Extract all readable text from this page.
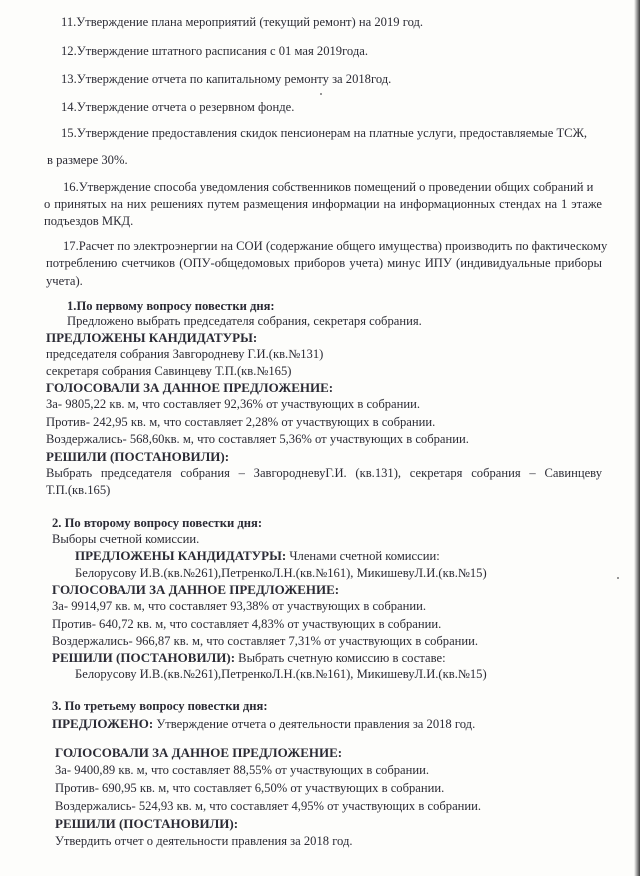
11.Утверждение плана мероприятий (текущий ремонт) на 2019 год.
12.Утверждение штатного расписания с 01 мая 2019года.
13.Утверждение отчета по капитальному ремонту за 2018год.
14.Утверждение отчета о резервном фонде.
15.Утверждение предоставления скидок пенсионерам на платные услуги, предоставляемые ТСЖ,
в размере 30%.
16.Утверждение способа уведомления собственников помещений о проведении общих собраний и
о принятых на них решениях путем размещения информации на информационных стендах на 1 этаже
подъездов МКД.
17.Расчет по электроэнергии на СОИ (содержание общего имущества) производить по фактическому
потреблению счетчиков (ОПУ-общедомовых приборов учета) минус ИПУ (индивидуальные приборы
учета).
1.По первому вопросу повестки дня:
Предложено выбрать председателя собрания, секретаря собрания.
ПРЕДЛОЖЕНЫ КАНДИДАТУРЫ:
председателя собрания Завгородневу Г.И.(кв.№131)
секретаря собрания Савинцеву Т.П.(кв.№165)
ГОЛОСОВАЛИ ЗА ДАННОЕ ПРЕДЛОЖЕНИЕ:
За- 9805,22 кв. м, что составляет 92,36% от участвующих в собрании.
Против- 242,95 кв. м, что составляет 2,28% от участвующих в собрании.
Воздержались- 568,60кв. м, что составляет 5,36% от участвующих в собрании.
РЕШИЛИ (ПОСТАНОВИЛИ):
Выбрать председателя собрания – ЗавгородневуГ.И. (кв.131), секретаря собрания – Савинцеву
Т.П.(кв.165)
2. По второму вопросу повестки дня:
Выборы счетной комиссии.
ПРЕДЛОЖЕНЫ КАНДИДАТУРЫ: Членами счетной комиссии:
Белорусову И.В.(кв.№261),ПетренкоЛ.Н.(кв.№161), МикишевуЛ.И.(кв.№15)
ГОЛОСОВАЛИ ЗА ДАННОЕ ПРЕДЛОЖЕНИЕ:
За- 9914,97 кв. м, что составляет 93,38% от участвующих в собрании.
Против- 640,72 кв. м, что составляет 4,83% от участвующих в собрании.
Воздержались- 966,87 кв. м, что составляет 7,31% от участвующих в собрании.
РЕШИЛИ (ПОСТАНОВИЛИ): Выбрать счетную комиссию в составе:
Белорусову И.В.(кв.№261),ПетренкоЛ.Н.(кв.№161), МикишевуЛ.И.(кв.№15)
3. По третьему вопросу повестки дня:
ПРЕДЛОЖЕНО: Утверждение отчета о деятельности правления за 2018 год.
ГОЛОСОВАЛИ ЗА ДАННОЕ ПРЕДЛОЖЕНИЕ:
За- 9400,89 кв. м, что составляет 88,55% от участвующих в собрании.
Против- 690,95 кв. м, что составляет 6,50% от участвующих в собрании.
Воздержались- 524,93 кв. м, что составляет 4,95% от участвующих в собрании.
РЕШИЛИ (ПОСТАНОВИЛИ):
Утвердить отчет о деятельности правления за 2018 год.
